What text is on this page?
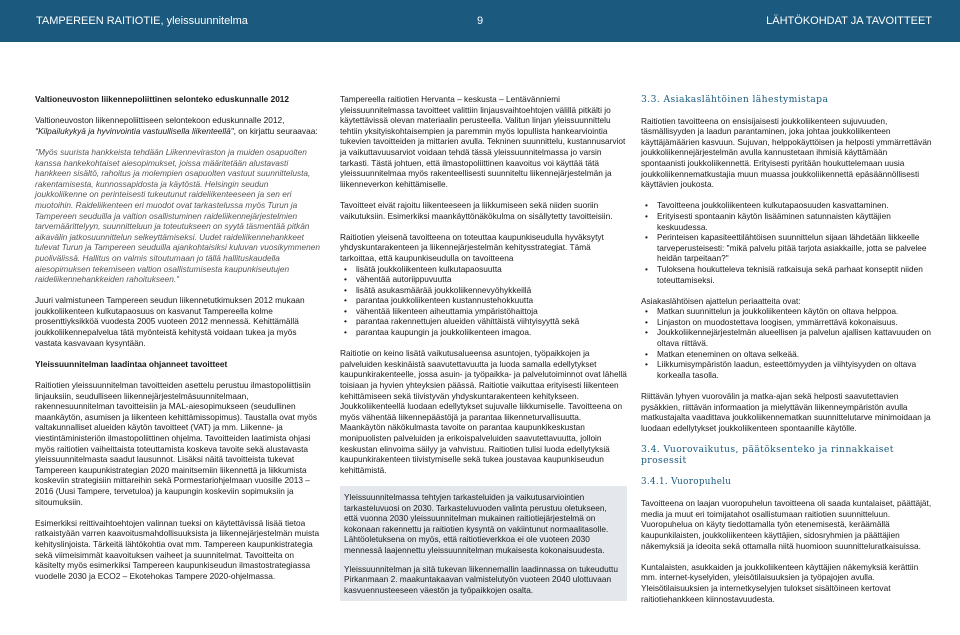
TAMPEREEN RAITIOTIE, yleissuunnitelma	9	LÄHTÖKOHDAT JA TAVOITTEET

Valtioneuvoston liikennepoliittinen selonteko eduskunnalle 2012

Valtioneuvoston liikennepoliittiseen selontekoon eduskunnalle 2012, "Kilpailukykyä ja hyvinvointia vastuullisella liikenteellä", on kirjattu seuraavaa:

"Myös suurista hankkeista tehdään Liikenneviraston ja muiden osapuolten kanssa hankekohtaiset aiesopimukset, joissa määritetään alustavasti hankkeen sisältö, rahoitus ja molempien osapuolten vastuut suunnittelusta, rakentamisesta, kunnossapidosta ja käytöstä. Helsingin seudun joukkoliikenne on perinteisesti tukeutunut raideliikenteeseen ja sen eri muotoihin. Raideliikenteen eri muodot ovat tarkastelussa myös Turun ja Tampereen seuduilla ja valtion osallistuminen raideliikennejärjestelmien tarvemäärittelyyn, suunnitteluun ja toteutukseen on syytä täsmentää pitkän aikavälin jatkosuunnittelun selkeyttämiseksi. Uudet raideliikennehankkeet tulevat Turun ja Tampereen seuduilla ajankohtaisiksi kuluvan vuosikymmenen puolivälissä. Hallitus on valmis sitoutumaan jo tällä hallituskaudella aiesopimuksen tekemiseen valtion osallistumisesta kaupunkiseutujen raideliikennehankkeiden rahoitukseen."

Juuri valmistuneen Tampereen seudun liikennetutkimuksen 2012 mukaan joukkoliikenteen kulkutapaosuus on kasvanut Tampereella kolme prosenttiyksikköä vuodesta 2005 vuoteen 2012 mennessä. Kehittämällä joukkoliikennepalvelua tätä myönteistä kehitystä voidaan tukea ja myös vastata kasvavaan kysyntään.

Yleissuunnitelman laadintaa ohjanneet tavoitteet

Raitiotien yleissuunnitelman tavoitteiden asettelu perustuu ilmastopoliittisiin linjauksiin, seudulliseen liikennejärjestelmäsuunnitelmaan, rakennesuunnitelman tavoitteisiin ja MAL-aiesopimukseen (seudullinen maankäytön, asumisen ja liikenteen kehittämissopimus). Taustalla ovat myös valtakunnalliset alueiden käytön tavoitteet (VAT) ja mm. Liikenne- ja viestintäministeriön ilmastopoliittinen ohjelma. Tavoitteiden laatimista ohjasi myös raitiotien vaiheittaista toteuttamista koskeva tavoite sekä alustavasta yleissuunnitelmasta saadut lausunnot. Lisäksi näitä tavoitteista tukevat Tampereen kaupunkistrategian 2020 mainitsemiin liikennettä ja liikkumista koskeviin strategisiin mittareihin sekä Pormestariohjelmaan vuosille 2013 – 2016 (Uusi Tampere, tervetuloa) ja kaupungin koskeviin sopimuksiin ja sitoumuksiin.

Esimerkiksi reittivaihtoehtojen valinnan tueksi on käytettävissä lisää tietoa ratkaistyään varren kaavoitusmahdollisuuksista ja liikennejärjestelmän muista kehityslinjoista. Tärkeitä lähtökohtia ovat mm. Tampereen kaupunkistrategia sekä viimeisimmät kaavoituksen vaiheet ja suunnitelmat. Tavoitteita on käsitelty myös esimerkiksi Tampereen kaupunkiseudun ilmastostrategiassa vuodelle 2030 ja ECO2 – Ekotehokas Tampere 2020-ohjelmassa.

Tampereella raitiotien Hervanta – keskusta – Lentävänniemi yleissuunnitelmassa tavoitteet valittiin linjausvaihtoehtojen välillä pitkälti jo käytettävissä olevan materiaalin perusteella. Valitun linjan yleissuunnittelu tehtiin yksityiskohtaisempien ja paremmin myös lopullista hankearviointia tukevien tavoitteiden ja mittarien avulla. Tekninen suunnittelu, kustannusarviot ja vaikuttavuusarviot voidaan tehdä tässä yleissuunnitelmassa jo varsin tarkasti. Tästä johtuen, että ilmastopoliittinen kaavoitus voi käyttää tätä yleissuunnitelmaa myös rakenteellisesti suunniteltu liikennejärjestelmän ja liikenneverkon kehittämiselle.

Tavoitteet eivät rajoitu liikenteeseen ja liikkumiseen sekä niiden suoriin vaikutuksiin. Esimerkiksi maankäyttönäkökulma on sisällytetty tavoitteisiin.

Raitiotien yleisenä tavoitteena on toteuttaa kaupunkiseudulla hyväksytyt yhdyskuntarakenteen ja liikennejärjestelmän kehitysstrategiat. Tämä tarkoittaa, että kaupunkiseudulla on tavoitteena

• lisätä joukkoliikenteen kulkutapaosuutta
• vähentää autoriippuvuutta
• lisätä asukasmäärää joukkoliikennevyöhykkeillä
• parantaa joukkoliikenteen kustannustehokkuutta
• vähentää liikenteen aiheuttamia ympäristöhaittoja
• parantaa rakennettujen alueiden vähittäistä viihtyisyyttä sekä
• parantaa kaupungin ja joukkoliikenteen imagoa.

Raitiotie on keino lisätä vaikutusalueensa asuntojen, työpaikkojen ja palveluiden keskinäistä saavutettavuutta ja luoda samalla edellytykset kaupunkirakenteelle, jossa asuin- ja työpaikka- ja palvelutoiminnot ovat lähellä toisiaan ja hyvien yhteyksien päässä. Raitiotie vaikuttaa erityisesti liikenteen kehittämiseen sekä tiivistyvän yhdyskuntarakenteen kehitykseen. Joukkoliikenteellä luodaan edellytykset sujuvalle liikkumiselle. Tavoitteena on myös vähentää liikennepäästöjä ja parantaa liikenneturvallisuutta. Maankäytön näkökulmasta tavoite on parantaa kaupunkikeskustan monipuolisten palveluiden ja erikoispalveluiden saavutettavuutta, jolloin keskustan elinvoima säilyy ja vahvistuu. Raitiotien tulisi luoda edellytyksiä kaupunkirakenteen tiivistymiselle sekä tukea joustavaa kaupunkiseudun kehittämistä.

Yleissuunnitelmassa tehtyjen tarkasteluiden ja vaikutusarviointien tarkasteluvuosi on 2030. Tarkasteluvuoden valinta perustuu oletukseen, että vuonna 2030 yleissuunnitelman mukainen raitiotiejärjestelmä on kokonaan rakennettu ja raitiotien kysyntä on vakiintunut normaalitasolle. Lähtöoletuksena on myös, että raitiotieverkkoa ei ole vuoteen 2030 mennessä laajennettu yleissuunnitelman mukaisesta kokonaisuudesta.

Yleissuunnitelman ja sitä tukevan liikennemallin laadinnassa on tukeuduttu Pirkanmaan 2. maakuntakaavan valmistelutyön vuoteen 2040 ulottuvaan kasvuennusteeseen väestön ja työpaikkojen osalta.

3.3. Asiakaslähtöinen lähestymistapa

Raitiotien tavoitteena on ensisijaisesti joukkoliikenteen sujuvuuden, täsmällisyyden ja laadun parantaminen, joka johtaa joukkoliikenteen käyttäjämäärien kasvuun. Sujuvan, helppokäyttöisen ja helposti ymmärrettävän joukkoliikennejärjestelmän avulla kannustetaan ihmisiä käyttämään spontaanisti joukkoliikennettä. Erityisesti pyritään houkuttelemaan uusia joukkoliikennematkustajia muun muassa joukkoliikennettä epäsäännöllisesti käyttävien joukosta.

• Tavoitteena joukkoliikenteen kulkutapaosuuden kasvattaminen.
• Erityisesti spontaanin käytön lisääminen satunnaisten käyttäjien keskuudessa.
• Perinteisen kapasiteettilähtöisen suunnittelun sijaan lähdetään liikkeelle tarveperusteisesti: "mikä palvelu pitää tarjota asiakkaille, jotta se palvelee heidän tarpeitaan?"
• Tuloksena houkutteleva teknisiä ratkaisuja sekä parhaat konseptit niiden toteuttamiseksi.

Asiakaslähtöisen ajattelun periaatteita ovat:

• Matkan suunnittelun ja joukkoliikenteen käytön on oltava helppoa.
• Linjaston on muodostettava loogisen, ymmärrettävä kokonaisuus.
• Joukkoliikennejärjestelmän alueellisen ja palvelun ajallisen kattavuuden on oltava riittävä.
• Matkan eteneminen on oltava selkeää.
• Liikkumisympäristön laadun, esteettömyyden ja viihtyisyyden on oltava korkealla tasolla.

Riittävän lyhyen vuorovälin ja matka-ajan sekä helposti saavutettavien pysäkkien, riittävän informaation ja mielyttävän liikenneympäristön avulla matkustajalta vaadittava joukkoliikennematkan suunnittelutarve minimoidaan ja luodaan edellytykset joukkoliikenteen spontaanille käytölle.

3.4. Vuorovaikutus, päätöksenteko ja rinnakkaiset prosessit

3.4.1. Vuoropuhelu

Tavoitteena on laajan vuoropuhelun tavoitteena oli saada kuntalaiset, päättäjät, media ja muut eri toimijatahot osallistumaan raitiotien suunnitteluun. Vuoropuhelua on käyty tiedottamalla työn etenemisestä, keräämällä kaupunkilaisten, joukkoliikenteen käyttäjien, sidosryhmien ja päättäjien näkemyksiä ja ideoita sekä ottamalla niitä huomioon suunnitteluratkaisuissa.

Kuntalaisten, asukkaiden ja joukkoliikenteen käyttäjien näkemyksiä kerättiin mm. internet-kyselyiden, yleisötilaisuuksien ja työpajojen avulla. Yleisötilaisuuksien ja internetkyselyjen tulokset sisältöineen kertovat raitiotiehankkeen kiinnostavuudesta.
